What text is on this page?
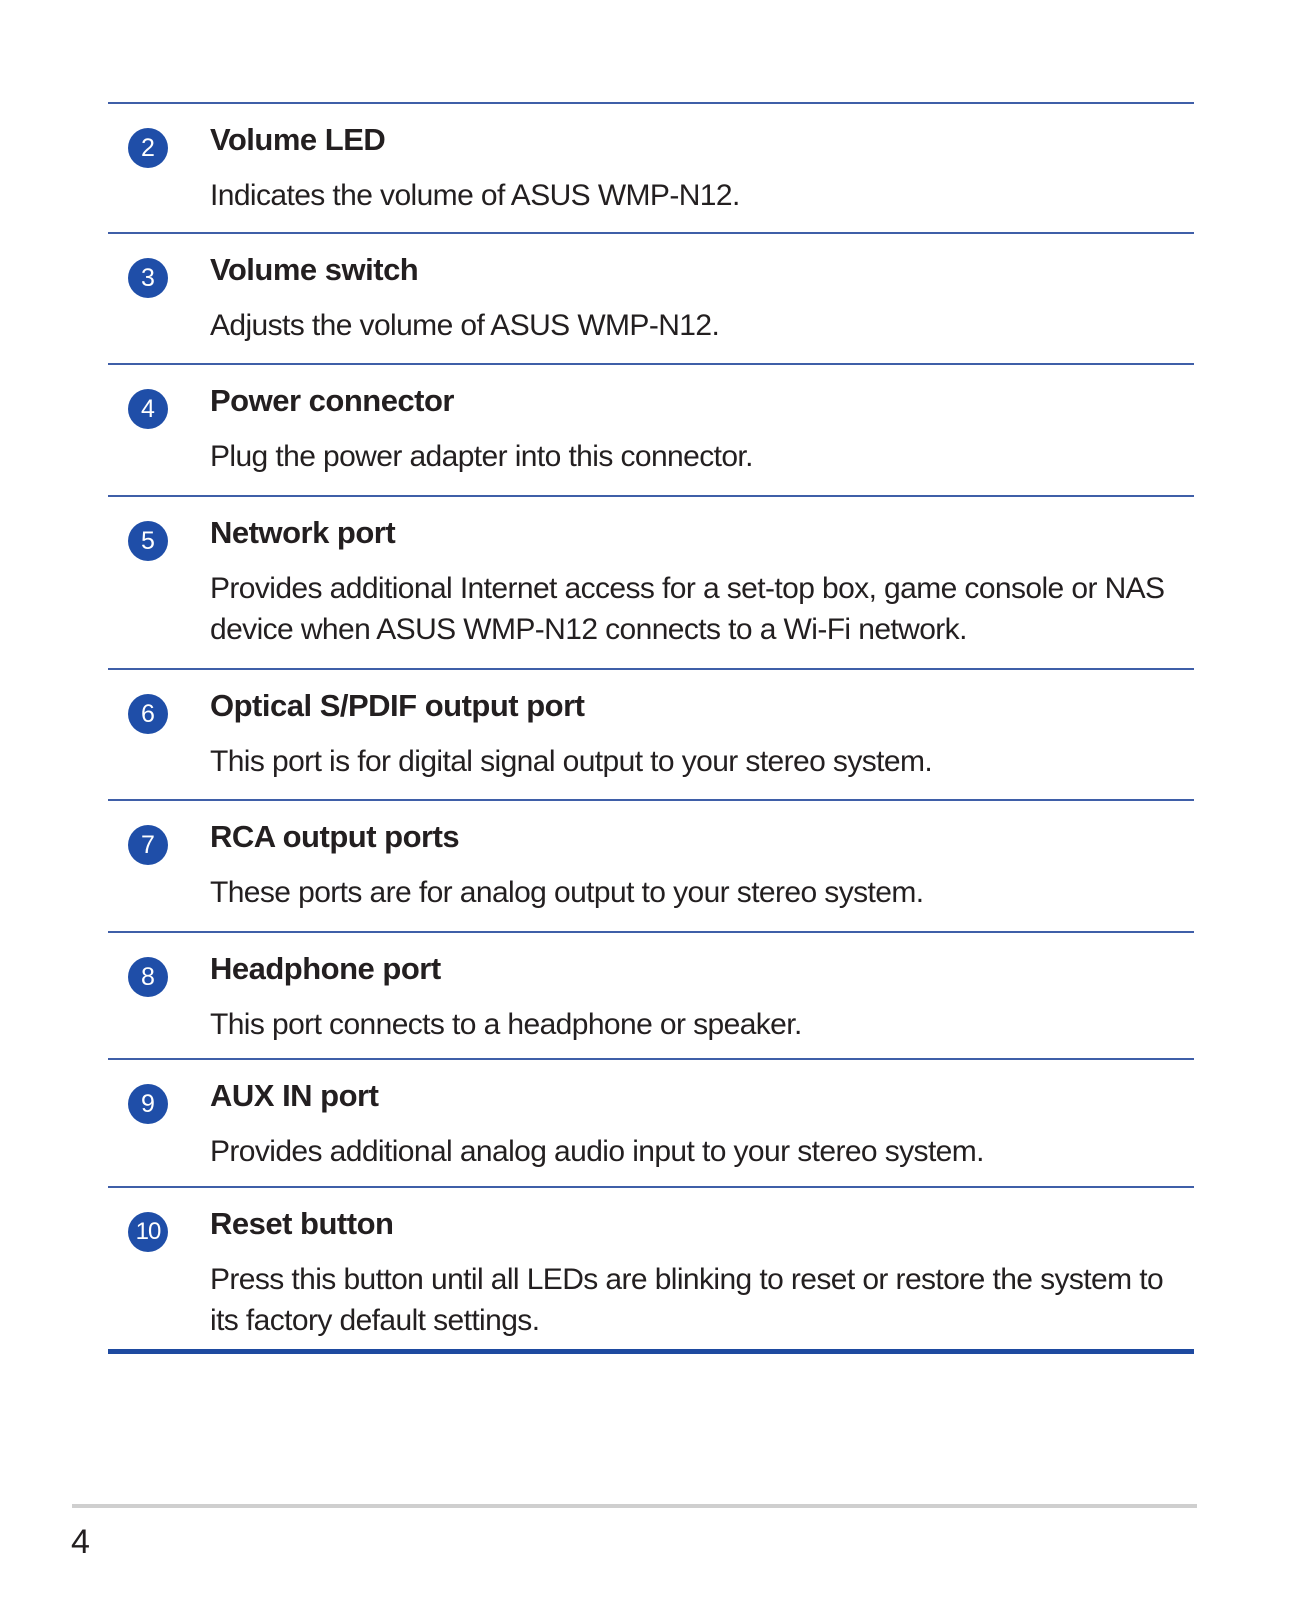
2	Volume LED
Indicates the volume of ASUS WMP-N12.
3	Volume switch
Adjusts the volume of ASUS WMP-N12.
4	Power connector
Plug the power adapter into this connector.
5	Network port
Provides additional Internet access for a set-top box, game console or NAS device when ASUS WMP-N12 connects to a Wi-Fi network.
6	Optical S/PDIF output port
This port is for digital signal output to your stereo system.
7	RCA output ports
These ports are for analog output to your stereo system.
8	Headphone port
This port connects to a headphone or speaker.
9	AUX IN port
Provides additional analog audio input to your stereo system.
10 Reset button
Press this button until all LEDs are blinking to reset or restore the system to its factory default settings.
4
